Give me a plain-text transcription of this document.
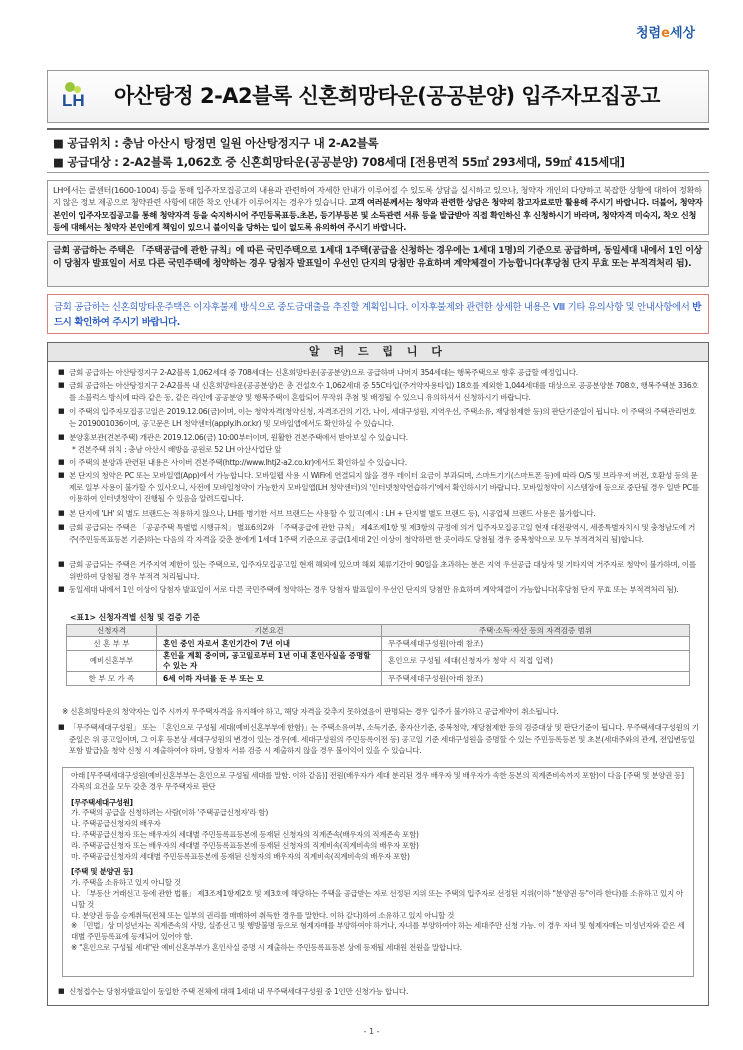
청렴e세상
LH 아산탕정 2-A2블록 신혼희망타운(공공분양) 입주자모집공고
■ 공급위치 : 충남 아산시 탕정면 일원 아산탕정지구 내 2-A2블록
■ 공급대상 : 2-A2블록 1,062호 중 신혼희망타운(공공분양) 708세대 [전용면적 55㎡ 293세대, 59㎡ 415세대]
LH에서는 콜센터(1600-1004) 등을 통해 입주자모집공고의 내용과 관련하여 자세한 안내가 이루어질 수 있도록 상담을 실시하고 있으나, 청약자 개인의 다양하고 복잡한 상황에 대하여 정확하지 않은 정보 제공으로 청약관련 사항에 대한 착오 안내가 이루어지는 경우가 있습니다. 고객 여러분께서는 청약과 관련한 상담은 청약의 참고자료로만 활용해 주시기 바랍니다. 더불어, 청약자 본인이 입주자모집공고를 통해 청약자격 등을 숙지하시어 주민등록표등.초본, 등기부등본 및 소득관련 서류 등을 발급받아 직접 확인하신 후 신청하시기 바라며, 청약자격 미숙지, 착오 신청 등에 대해서는 청약자 본인에게 책임이 있으니 불이익을 당하는 일이 없도록 유의하여 주시기 바랍니다.
금회 공급하는 주택은 「주택공급에 관한 규칙」에 따른 국민주택으로 1세대 1주택(공급을 신청하는 경우에는 1세대 1명)의 기준으로 공급하며, 동일세대 내에서 1인 이상이 당첨자 발표일이 서로 다른 국민주택에 청약하는 경우 당첨자 발표일이 우선인 단지의 당첨만 유효하며 계약체결이 가능합니다(후당첨 단지 무효 또는 부적격처리 됨).
금회 공급하는 신혼희망타운주택은 이자후불제 방식으로 중도금대출을 추진할 계획입니다. 이자후불제와 관련한 상세한 내용은 Ⅷ 기타 유의사항 및 안내사항에서 반드시 확인하여 주시기 바랍니다.
알 려 드 립 니 다
■ 금회 공급하는 아산탕정지구 2-A2블록 1,062세대 중 708세대는 신혼희망타운(공공분양)으로 공급하며 나머지 354세대는 행복주택으로 향후 공급할 예정입니다.

■ 금회 공급하는 아산탕정지구 2-A2블록 내 신혼희망타운(공공분양)은 총 건설호수 1,062세대 중 55C타입(주거약자용타입) 18호를 제외한 1,044세대를 대상으로 공공분양분 708호, 행복주택분 336호를 소블럭스 방식에 따라 같은 동, 같은 라인에 공공분양 및 행복주택이 혼합되어 무작위 추첨 및 배정될 수 있으니 유의하셔서 신청하시기 바랍니다.

■ 이 주택의 입주자모집공고일은 2019.12.06(금)이며, 이는 청약자격(청약신청, 자격조건의 기간, 나이, 세대구성원, 지역우선, 주택소유, 재당첨제한 등)의 판단기준일이 됩니다. 이 주택의 주택관리번호는 2019001036이며, 공고문은 LH 청약센터(apply.lh.or.kr) 및 모바일앱에서도 확인하실 수 있습니다.

■ 분양홍보관(견본주택) 개관은 2019.12.06(금) 10:00부터이며, 원활한 견본주택에서 받아보실 수 있습니다.

* 견본주택 위치 : 충남 아산시 배방읍 공원로 52 LH 아산사업단 앞
■ 이 주택의 분양과 관련된 내용은 사이버 견본주택(http://www.lhtj2-a2.co.kr)에서도 확인하실 수 있습니다.

■ 본 단지의 청약은 PC 또는 모바일앱(App)에서 가능합니다. 모바일웹 사용 시 WiFi에 연결되지 않을 경우 데이터 요금이 부과되며, 스마트기기(스마트폰 등)에 따라 O/S 및 브라우저 버전, 호환성 등의 문제로 일부 사용이 불가할 수 있사오니, 사전에 모바일청약이 가능한지 모바일앱(LH 청약센터)의 '인터넷청약연습하기'에서 확인하시기 바랍니다. 모바일청약이 시스템장애 등으로 중단될 경우 일반 PC를 이용하여 인터넷청약이 진행될 수 있음을 알려드립니다.

■ 본 단지에 'LH' 외 별도 브랜드는 적용하지 않으나, LH를 병기한 서브 브랜드는 사용할 수 있고(예시 : LH + 단지별 별도 브랜드 등), 시공업체 브랜드 사용은 불가합니다.

■ 금회 공급되는 주택은 「공공주택 특별법 시행규칙」 별표6의2와 「주택공급에 관한 규칙」 제4조제1항 및 제3항의 규정에 의거 입주자모집공고일 현재 대전광역시, 세종특별자치시 및 충청남도에 거주(주민등록표등본 기준)하는 다음의 각 자격을 갖춘 분에게 1세대 1주택 기준으로 공급(1세대 2인 이상이 청약하면 한 곳이라도 당첨될 경우 중복청약으로 모두 부적격처리 됨)합니다.

■ 금회 공급되는 주택은 거주지역 제한이 있는 주택으로, 입주자모집공고일 현재 해외에 있으며 해외 체류기간이 90일을 초과하는 분은 지역 우선공급 대상자 및 기타지역 거주자로 청약이 불가하며, 이를 위반하여 당첨될 경우 부적격 처리됩니다.

■ 동일세대 내에서 1인 이상이 당첨자 발표일이 서로 다른 국민주택에 청약하는 경우 당첨자 발표일이 우선인 단지의 당첨만 유효하며 계약체결이 가능합니다(후당첨 단지 무효 또는 부적격처리 됨).

<표1> 신청자격별 신청 및 검증 기준
신청자격	기본요건	주택·소득·자산 등의 자격검증 범위
신 혼 부 부	혼인 중인 자로서 혼인기간이 7년 이내	무주택세대구성원(아래 참조)
예비신혼부부	혼인을 계획 중이며, 공고일로부터 1년 이내 혼인사실을 증명할 수 있는 자	혼인으로 구성될 세대(신청자가 청약 시 직접 입력)
한 부 모 가 족	6세 이하 자녀를 둔 부 또는 모	무주택세대구성원(아래 참조)

※ 신혼희망타운의 청약자는 입주 시까지 무주택자격을 유지해야 하고, 해당 자격을 갖추지 못하였음이 판명되는 경우 입주가 불가하고 공급계약이 취소됩니다.

■ 「무주택세대구성원」 또는 「혼인으로 구성될 세대(예비신혼부부에 한함)」는 주택소유여부, 소득기준, 총자산기준, 중복청약, 재당첨제한 등의 검증대상 및 판단기준이 됩니다. 무주택세대구성원의 기준일은 위 공고일이며, 그 이후 등본상 세대구성원의 변경이 있는 경우(예. 세대구성원의 주민등록이전 등) 공고일 기준 세대구성원을 증명할 수 있는 주민등록등본 및 초본(세대주와의 관계, 전입변동일 포함 발급)을 청약 신청 시 제출하여야 하며, 당첨자 서류 검증 시 제출하지 않을 경우 불이익이 있을 수 있습니다.

아래 [무주택세대구성원(예비신혼부부는 혼인으로 구성될 세대를 말함. 이하 같음)] 전원(배우자가 세대 분리된 경우 배우자 및 배우자가 속한 등본의 직계존비속까지 포함)이 다음 [주택 및 분양권 등] 각목의 요건을 모두 갖춘 경우 무주택자로 판단
[무주택세대구성원]
가. 주택의 공급을 신청하려는 사람(이하 '주택공급신청자'라 함)
나. 주택공급신청자의 배우자
다. 주택공급신청자 또는 배우자의 세대별 주민등록표등본에 등재된 신청자의 직계존속(배우자의 직계존속 포함)
라. 주택공급신청자 또는 배우자의 세대별 주민등록표등본에 등재된 신청자의 직계비속(직계비속의 배우자 포함)
마. 주택공급신청자의 세대별 주민등록표등본에 등재된 신청자의 배우자의 직계비속(직계비속의 배우자 포함)
[주택 및 분양권 등]
가. 주택을 소유하고 있지 아니할 것
나. 「부동산 거래신고 등에 관한 법률」 제3조제1항제2호 및 제3호에 해당하는 주택을 공급받는 자로 선정된 지위 또는 주택의 입주자로 선정된 지위(이하 "분양권 등"이라 한다)를 소유하고 있지 아니할 것
다. 분양권 등을 승계취득(전체 또는 일부의 권리를 매매하여 취득한 경우를 말한다. 이하 같다)하여 소유하고 있지 아니할 것
※ 「민법」상 미성년자는 직계존속의 사망, 실종선고 및 행방불명 등으로 형제자매를 부양하여야 하거나, 자녀를 부양하여야 하는 세대주만 신청 가능. 이 경우 자녀 및 형제자매는 미성년자와 같은 세대별 주민등록표에 등재되어 있어야 함.
※ "혼인으로 구성될 세대"란 예비신혼부부가 혼인사실 증명 시 제출하는 주민등록표등본 상에 등재될 세대원 전원을 말합니다.
■ 신청접수는 당첨자발표일이 동일한 주택 전체에 대해 1세대 내 무주택세대구성원 중 1인만 신청가능 합니다.

- 1 -
